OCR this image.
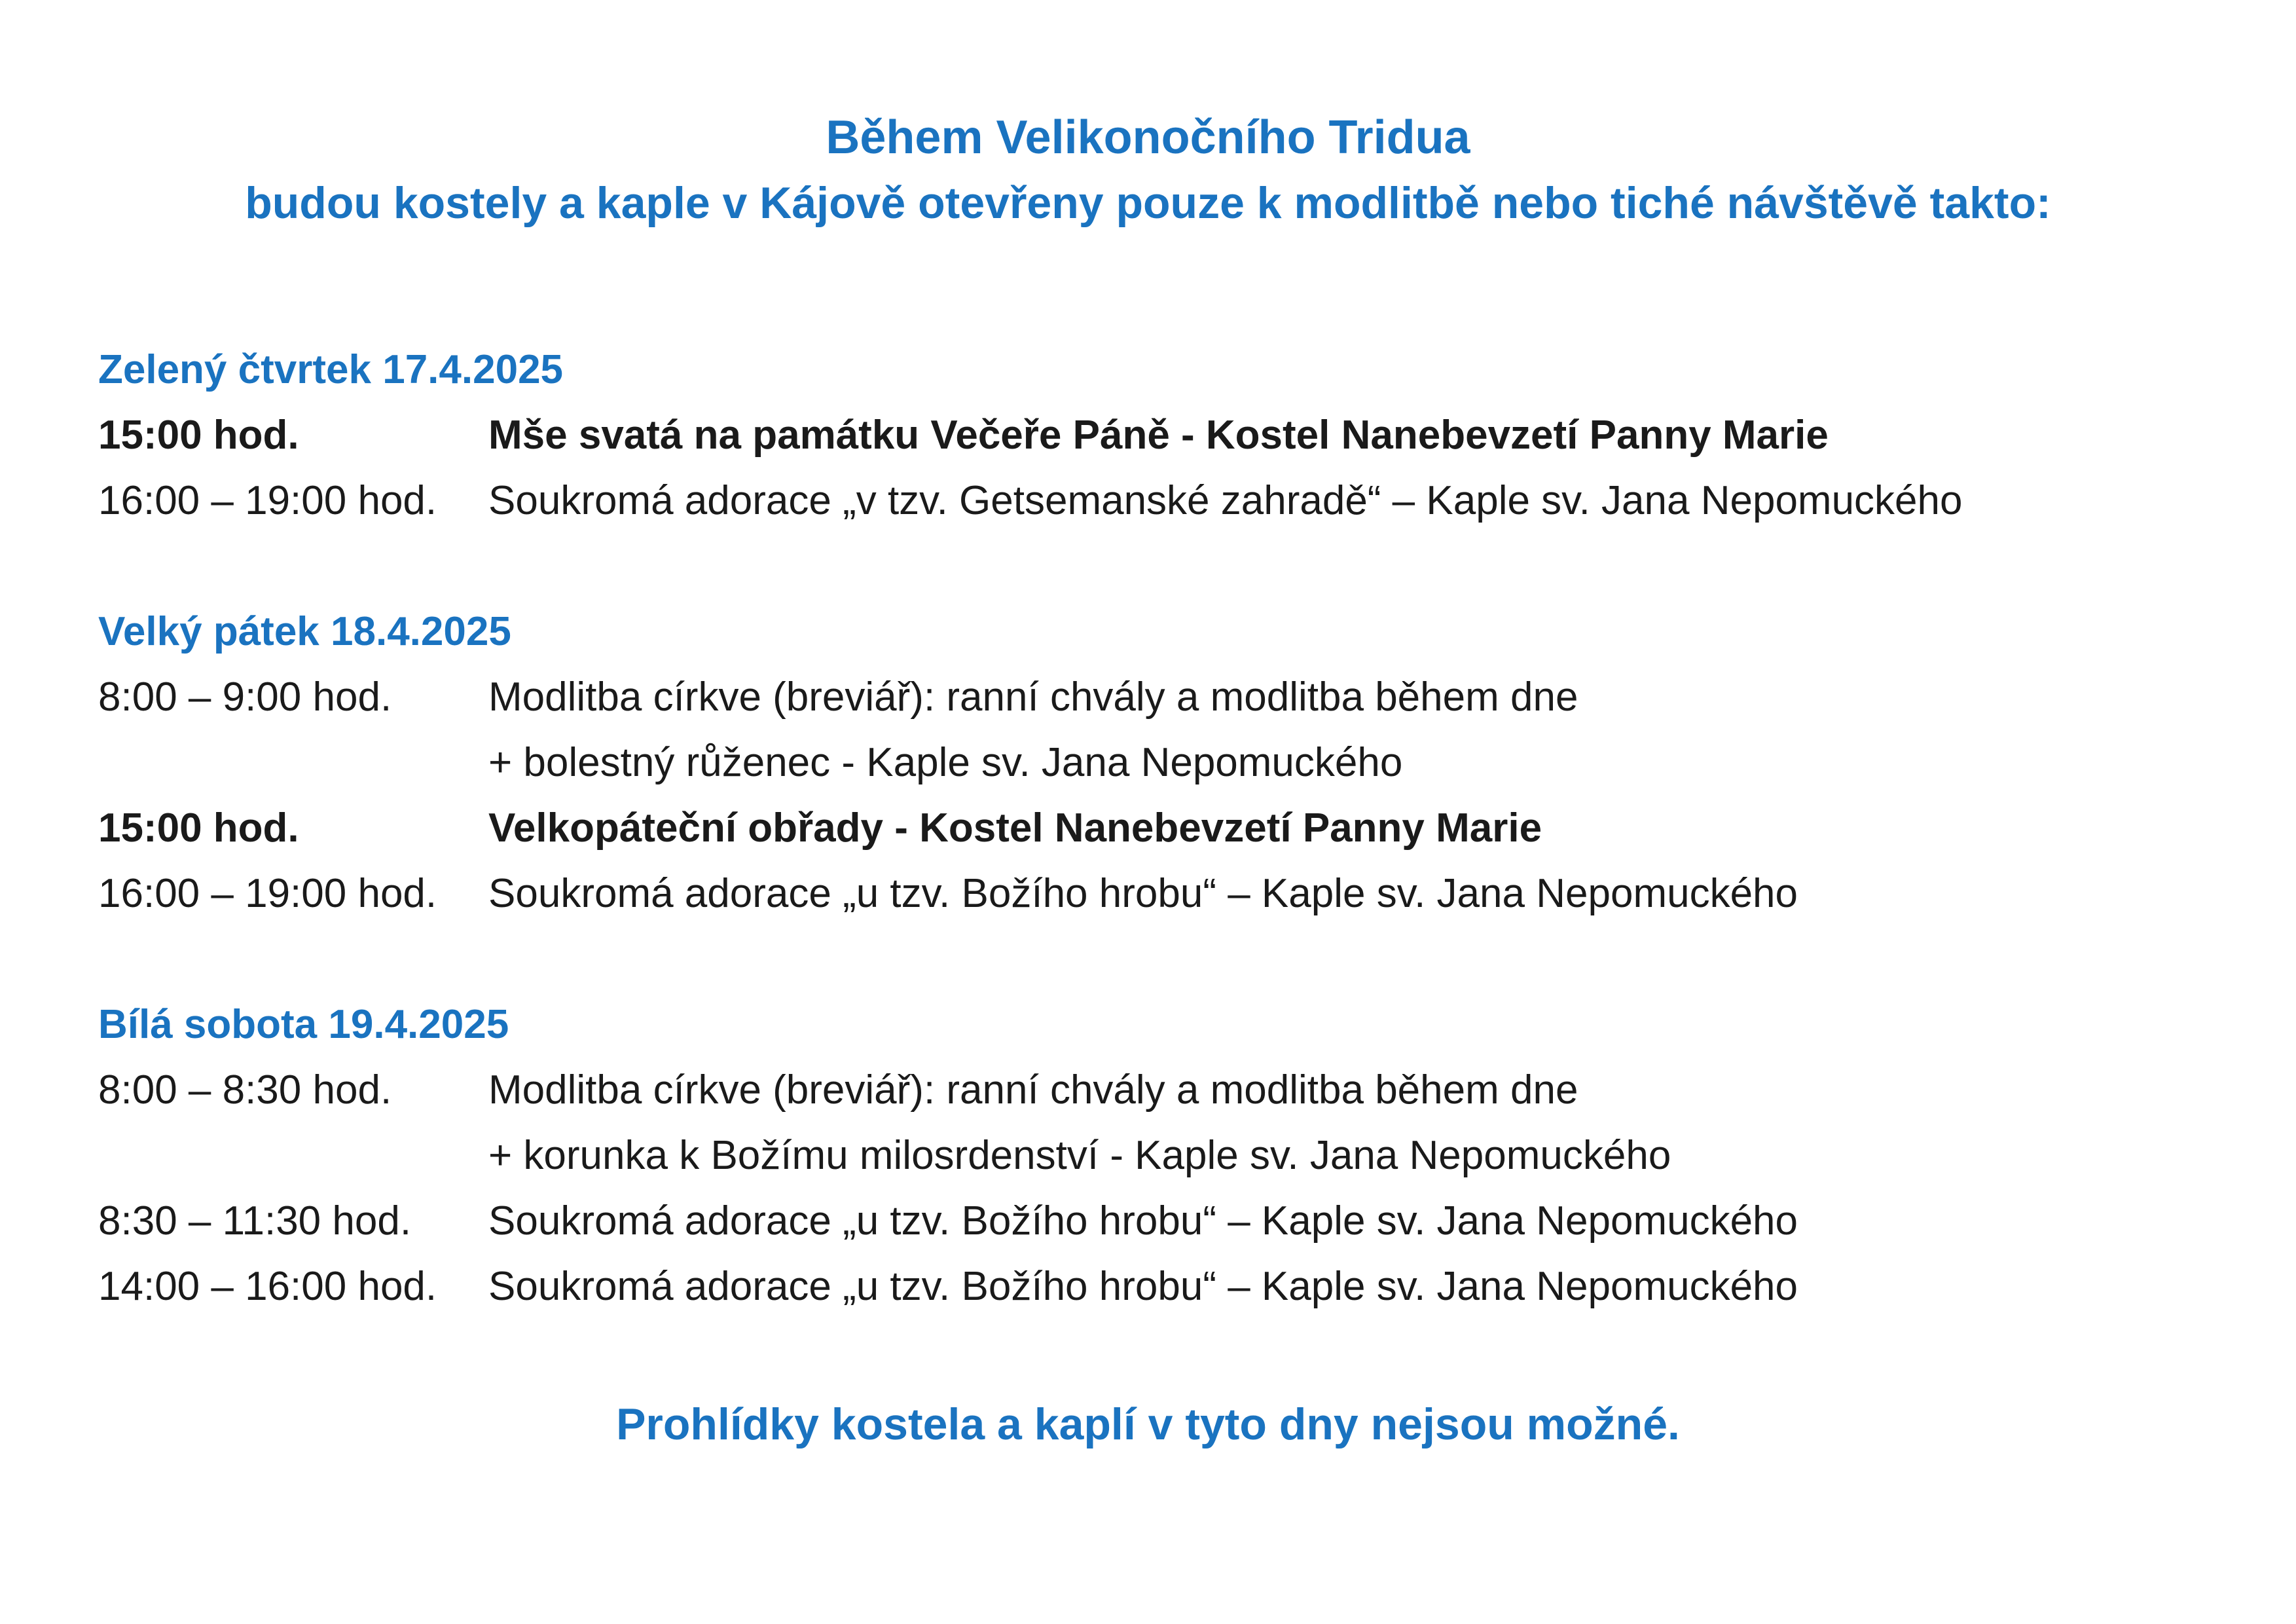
Během Velikonočního Tridua
budou kostely a kaple v Kájově otevřeny pouze k modlitbě nebo tiché návštěvě takto:
Zelený čtvrtek 17.4.2025
15:00 hod.	Mše svatá na památku Večeře Páně - Kostel Nanebevzetí Panny Marie
16:00 – 19:00 hod.	Soukromá adorace „v tzv. Getsemanské zahradě“ – Kaple sv. Jana Nepomuckého
Velký pátek 18.4.2025
8:00 – 9:00 hod.	Modlitba církve (breviář): ranní chvály a modlitba během dne
+ bolestný růženec - Kaple sv. Jana Nepomuckého
15:00 hod.	Velkopáteční obřady - Kostel Nanebevzetí Panny Marie
16:00 – 19:00 hod.	Soukromá adorace „u tzv. Božího hrobu“ – Kaple sv. Jana Nepomuckého
Bílá sobota 19.4.2025
8:00 – 8:30 hod.	Modlitba církve (breviář): ranní chvály a modlitba během dne
+ korunka k Božímu milosrdenství - Kaple sv. Jana Nepomuckého
8:30 – 11:30 hod.	Soukromá adorace „u tzv. Božího hrobu“ – Kaple sv. Jana Nepomuckého
14:00 – 16:00 hod.	Soukromá adorace „u tzv. Božího hrobu“ – Kaple sv. Jana Nepomuckého
Prohlídky kostela a kaplí v tyto dny nejsou možné.
